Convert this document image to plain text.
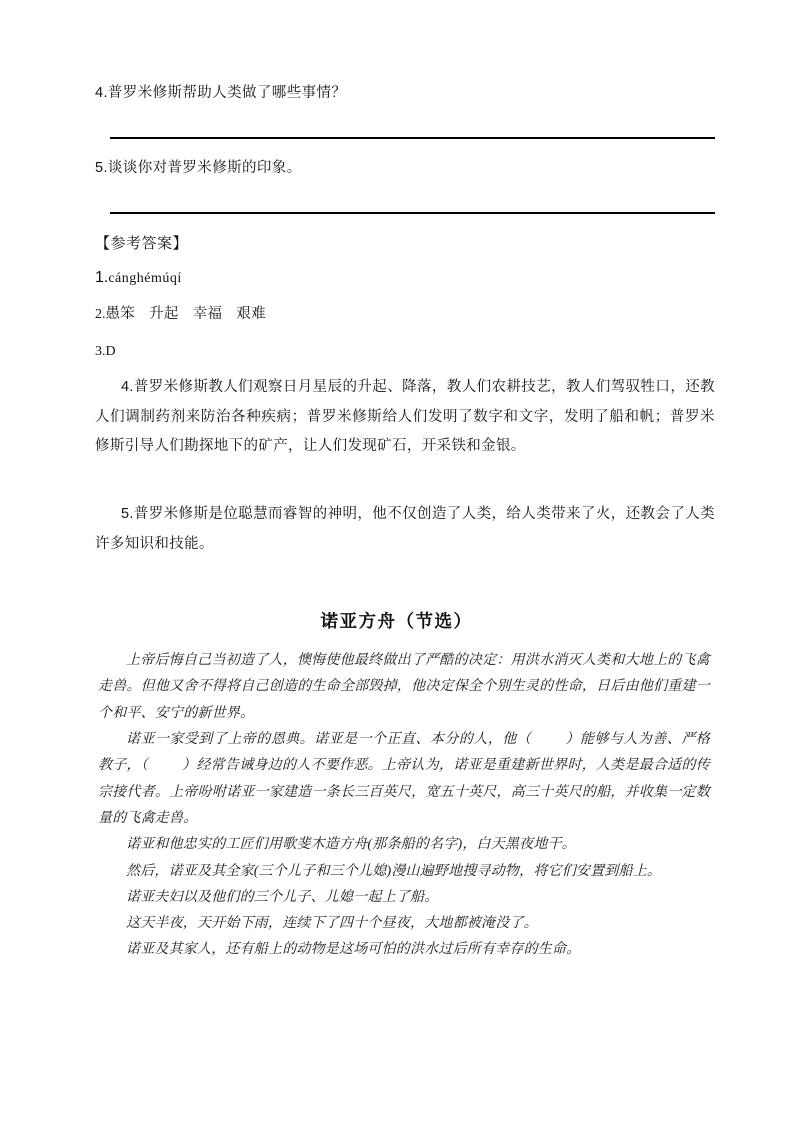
4.普罗米修斯帮助人类做了哪些事情？
5.谈谈你对普罗米修斯的印象。
【参考答案】
1.cánghémúqí
2.愚笨 升起 幸福 艰难
3.D
4.普罗米修斯教人们观察日月星辰的升起、降落，教人们农耕技艺，教人们驾驭牲口，还教人们调制药剂来防治各种疾病；普罗米修斯给人们发明了数字和文字，发明了船和帆；普罗米修斯引导人们勘探地下的矿产，让人们发现矿石，开采铁和金银。
5.普罗米修斯是位聪慧而睿智的神明，他不仅创造了人类，给人类带来了火，还教会了人类许多知识和技能。
诺亚方舟（节选）

上帝后悔自己当初造了人，懊悔使他最终做出了严酷的决定：用洪水消灭人类和大地上的飞禽走兽。但他又舍不得将自己创造的生命全部毁掉，他决定保全个别生灵的性命，日后由他们重建一个和平、安宁的新世界。

诺亚一家受到了上帝的恩典。诺亚是一个正直、本分的人，他（ ）能够与人为善、严格教子，（ ）经常告诫身边的人不要作恶。上帝认为，诺亚是重建新世界时，人类是最合适的传宗接代者。上帝吩咐诺亚一家建造一条长三百英尺，宽五十英尺，高三十英尺的船，并收集一定数量的飞禽走兽。

诺亚和他忠实的工匠们用歌斐木造方舟(那条船的名字)，白天黑夜地干。

然后，诺亚及其全家(三个儿子和三个儿媳)漫山遍野地搜寻动物，将它们安置到船上。

诺亚夫妇以及他们的三个儿子、儿媳一起上了船。

这天半夜，天开始下雨，连续下了四十个昼夜，大地都被淹没了。

诺亚及其家人，还有船上的动物是这场可怕的洪水过后所有幸存的生命。
